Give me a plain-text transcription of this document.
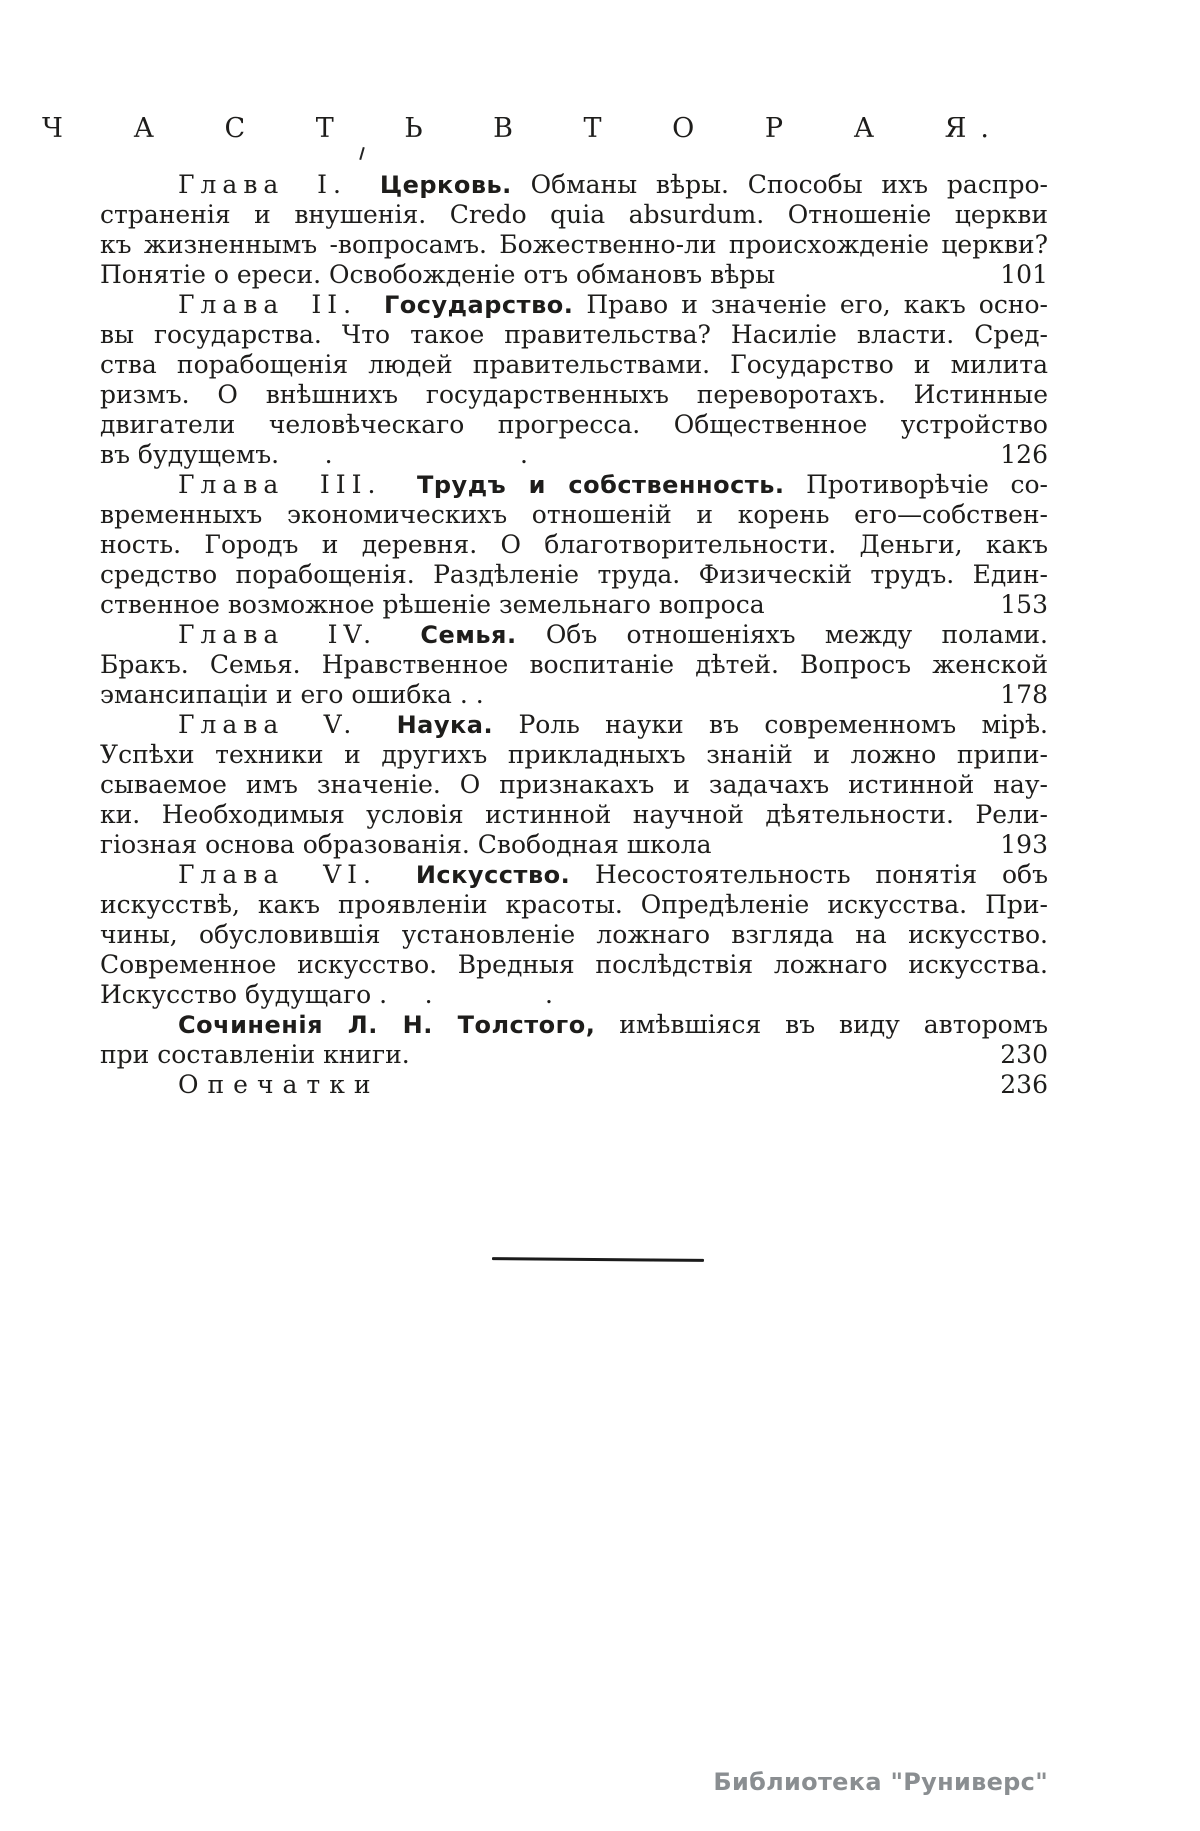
Ч А С Т Ь В Т О Р А Я.
Глава I. Церковь. Обманы вѣры. Способы ихъ распро-
страненія и внушенія. Credo quia absurdum. Отношеніе церкви
къ жизненнымъ -вопросамъ. Божественно-ли происхожденіе церкви?
Понятіе о ереси. Освобожденіе отъ обмановъ вѣры	101
Глава II. Государство. Право и значеніе его, какъ осно-
вы государства. Что такое правительства? Насиліе власти. Сред-
ства порабощенія людей правительствами. Государство и милита
ризмъ. О внѣшнихъ государственныхъ переворотахъ. Истинные
двигатели человѣческаго прогресса. Общественное устройство
въ будущемъ.   .        .	126
Глава III. Трудъ и собственность. Противорѣчіе со-
временныхъ экономическихъ отношеній и корень его—собствен-
ность. Городъ и деревня. О благотворительности. Деньги, какъ
средство порабощенія. Раздѣленіе труда. Физическій трудъ. Един-
ственное возможное рѣшеніе земельнаго вопроса	153
Глава IV. Семья. Объ отношеніяхъ между полами.
Бракъ. Семья. Нравственное воспитаніе дѣтей. Вопросъ женской
эмансипаціи и его ошибка . .	178
Глава V. Наука. Роль науки въ современномъ мірѣ.
Успѣхи техники и другихъ прикладныхъ знаній и ложно припи-
сываемое имъ значеніе. О признакахъ и задачахъ истинной нау-
ки. Необходимыя условія истинной научной дѣятельности. Рели-
гіозная основа образованія. Свободная школа	193
Глава VI. Искусство. Несостоятельность понятія объ
искусствѣ, какъ проявленіи красоты. Опредѣленіе искусства. При-
чины, обусловившія установленіе ложнаго взгляда на искусство.
Современное искусство. Вредныя послѣдствія ложнаго искусства.
Искусство будущаго .  .     .
Сочиненія Л. Н. Толстого, имѣвшіяся въ виду авторомъ
при составленіи книги.	230
Опечатки	236
Библиотека "Руниверс"
